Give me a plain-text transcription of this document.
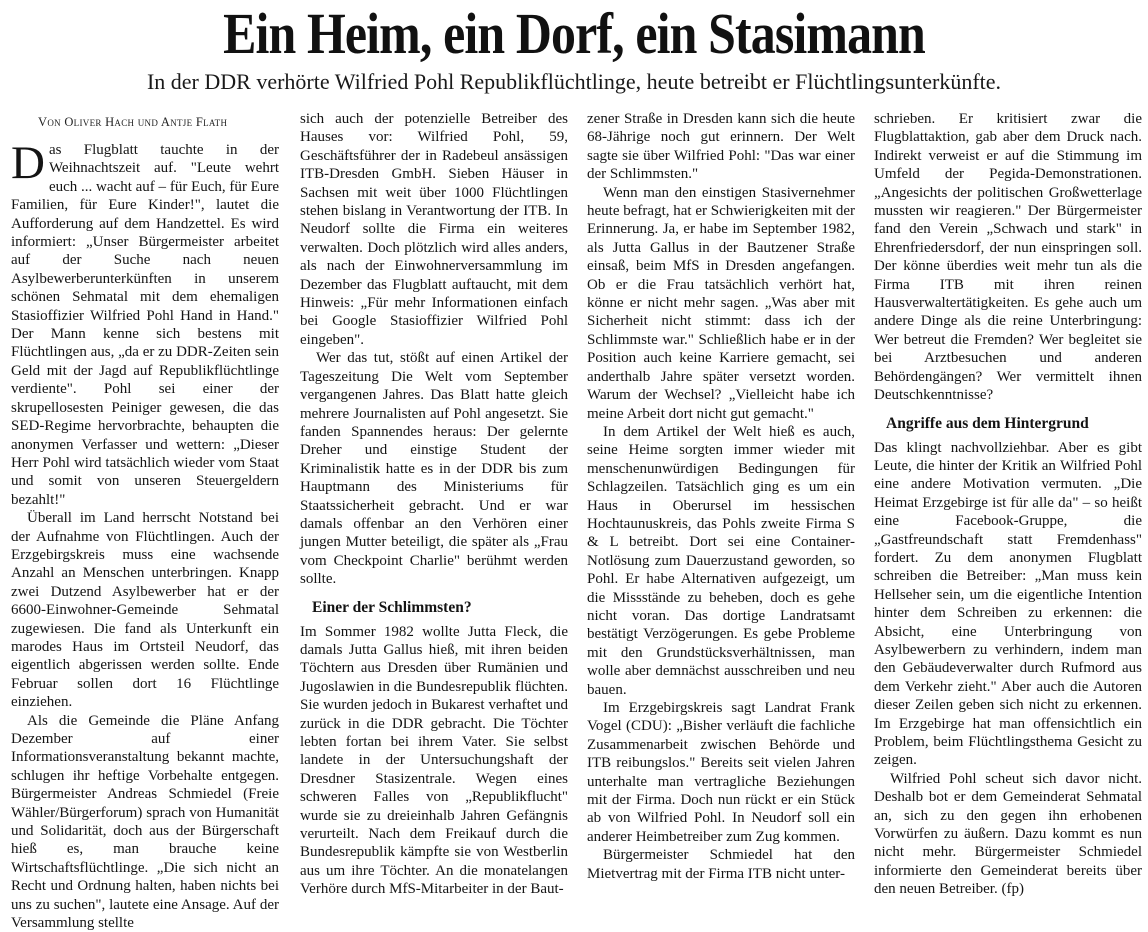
Ein Heim, ein Dorf, ein Stasimann
In der DDR verhörte Wilfried Pohl Republikflüchtlinge, heute betreibt er Flüchtlingsunterkünfte.
Von Oliver Hach und Antje Flath

Das Flugblatt tauchte in der Weihnachtszeit auf. "Leute wehrt euch ... wacht auf – für Euch, für Eure Familien, für Eure Kinder!", lautet die Aufforderung auf dem Handzettel. Es wird informiert: „Unser Bürgermeister arbeitet auf der Suche nach neuen Asylbewerberunterkünften in unserem schönen Sehmatal mit dem ehemaligen Stasioffizier Wilfried Pohl Hand in Hand." Der Mann kenne sich bestens mit Flüchtlingen aus, „da er zu DDR-Zeiten sein Geld mit der Jagd auf Republikflüchtlinge verdiente". Pohl sei einer der skrupellosesten Peiniger gewesen, die das SED-Regime hervorbrachte, behaupten die anonymen Verfasser und wettern: „Dieser Herr Pohl wird tatsächlich wieder vom Staat und somit von unseren Steuergeldern bezahlt!"

Überall im Land herrscht Notstand bei der Aufnahme von Flüchtlingen. Auch der Erzgebirgskreis muss eine wachsende Anzahl an Menschen unterbringen. Knapp zwei Dutzend Asylbewerber hat er der 6600-Einwohner-Gemeinde Sehmatal zugewiesen. Die fand als Unterkunft ein marodes Haus im Ortsteil Neudorf, das eigentlich abgerissen werden sollte. Ende Februar sollen dort 16 Flüchtlinge einziehen.

Als die Gemeinde die Pläne Anfang Dezember auf einer Informationsveranstaltung bekannt machte, schlugen ihr heftige Vorbehalte entgegen. Bürgermeister Andreas Schmiedel (Freie Wähler/Bürgerforum) sprach von Humanität und Solidarität, doch aus der Bürgerschaft hieß es, man brauche keine Wirtschaftsflüchtlinge. „Die sich nicht an Recht und Ordnung halten, haben nichts bei uns zu suchen", lautete eine Ansage. Auf der Versammlung stellte

sich auch der potenzielle Betreiber des Hauses vor: Wilfried Pohl, 59, Geschäftsführer der in Radebeul ansässigen ITB-Dresden GmbH. Sieben Häuser in Sachsen mit weit über 1000 Flüchtlingen stehen bislang in Verantwortung der ITB. In Neudorf sollte die Firma ein weiteres verwalten. Doch plötzlich wird alles anders, als nach der Einwohnerversammlung im Dezember das Flugblatt auftaucht, mit dem Hinweis: „Für mehr Informationen einfach bei Google Stasioffizier Wilfried Pohl eingeben".

Wer das tut, stößt auf einen Artikel der Tageszeitung Die Welt vom September vergangenen Jahres. Das Blatt hatte gleich mehrere Journalisten auf Pohl angesetzt. Sie fanden Spannendes heraus: Der gelernte Dreher und einstige Student der Kriminalistik hatte es in der DDR bis zum Hauptmann des Ministeriums für Staatssicherheit gebracht. Und er war damals offenbar an den Verhören einer jungen Mutter beteiligt, die später als „Frau vom Checkpoint Charlie" berühmt werden sollte.

Einer der Schlimmsten?

Im Sommer 1982 wollte Jutta Fleck, die damals Jutta Gallus hieß, mit ihren beiden Töchtern aus Dresden über Rumänien und Jugoslawien in die Bundesrepublik flüchten. Sie wurden jedoch in Bukarest verhaftet und zurück in die DDR gebracht. Die Töchter lebten fortan bei ihrem Vater. Sie selbst landete in der Untersuchungshaft der Dresdner Stasizentrale. Wegen eines schweren Falles von „Republikflucht" wurde sie zu dreieinhalb Jahren Gefängnis verurteilt. Nach dem Freikauf durch die Bundesrepublik kämpfte sie von Westberlin aus um ihre Töchter. An die monatelangen Verhöre durch MfS-Mitarbeiter in der Baut-

zener Straße in Dresden kann sich die heute 68-Jährige noch gut erinnern. Der Welt sagte sie über Wilfried Pohl: "Das war einer der Schlimmsten."

Wenn man den einstigen Stasivernehmer heute befragt, hat er Schwierigkeiten mit der Erinnerung. Ja, er habe im September 1982, als Jutta Gallus in der Bautzener Straße einsaß, beim MfS in Dresden angefangen. Ob er die Frau tatsächlich verhört hat, könne er nicht mehr sagen. „Was aber mit Sicherheit nicht stimmt: dass ich der Schlimmste war." Schließlich habe er in der Position auch keine Karriere gemacht, sei anderthalb Jahre später versetzt worden. Warum der Wechsel? „Vielleicht habe ich meine Arbeit dort nicht gut gemacht."

In dem Artikel der Welt hieß es auch, seine Heime sorgten immer wieder mit menschenunwürdigen Bedingungen für Schlagzeilen. Tatsächlich ging es um ein Haus in Oberursel im hessischen Hochtaunuskreis, das Pohls zweite Firma S & L betreibt. Dort sei eine Container-Notlösung zum Dauerzustand geworden, so Pohl. Er habe Alternativen aufgezeigt, um die Missstände zu beheben, doch es gehe nicht voran. Das dortige Landratsamt bestätigt Verzögerungen. Es gebe Probleme mit den Grundstücksverhältnissen, man wolle aber demnächst ausschreiben und neu bauen.

Im Erzgebirgskreis sagt Landrat Frank Vogel (CDU): „Bisher verläuft die fachliche Zusammenarbeit zwischen Behörde und ITB reibungslos." Bereits seit vielen Jahren unterhalte man vertragliche Beziehungen mit der Firma. Doch nun rückt er ein Stück ab von Wilfried Pohl. In Neudorf soll ein anderer Heimbetreiber zum Zug kommen.

Bürgermeister Schmiedel hat den Mietvertrag mit der Firma ITB nicht unter-

schrieben. Er kritisiert zwar die Flugblattaktion, gab aber dem Druck nach. Indirekt verweist er auf die Stimmung im Umfeld der Pegida-Demonstrationen. „Angesichts der politischen Großwetterlage mussten wir reagieren." Der Bürgermeister fand den Verein „Schwach und stark" in Ehrenfriedersdorf, der nun einspringen soll. Der könne überdies weit mehr tun als die Firma ITB mit ihren reinen Hausverwaltertätigkeiten. Es gehe auch um andere Dinge als die reine Unterbringung: Wer betreut die Fremden? Wer begleitet sie bei Arztbesuchen und anderen Behördengängen? Wer vermittelt ihnen Deutschkenntnisse?

Angriffe aus dem Hintergrund

Das klingt nachvollziehbar. Aber es gibt Leute, die hinter der Kritik an Wilfried Pohl eine andere Motivation vermuten. „Die Heimat Erzgebirge ist für alle da" – so heißt eine Facebook-Gruppe, die „Gastfreundschaft statt Fremdenhass" fordert. Zu dem anonymen Flugblatt schreiben die Betreiber: „Man muss kein Hellseher sein, um die eigentliche Intention hinter dem Schreiben zu erkennen: die Absicht, eine Unterbringung von Asylbewerbern zu verhindern, indem man den Gebäudeverwalter durch Rufmord aus dem Verkehr zieht." Aber auch die Autoren dieser Zeilen geben sich nicht zu erkennen. Im Erzgebirge hat man offensichtlich ein Problem, beim Flüchtlingsthema Gesicht zu zeigen.

Wilfried Pohl scheut sich davor nicht. Deshalb bot er dem Gemeinderat Sehmatal an, sich zu den gegen ihn erhobenen Vorwürfen zu äußern. Dazu kommt es nun nicht mehr. Bürgermeister Schmiedel informierte den Gemeinderat bereits über den neuen Betreiber. (fp)
